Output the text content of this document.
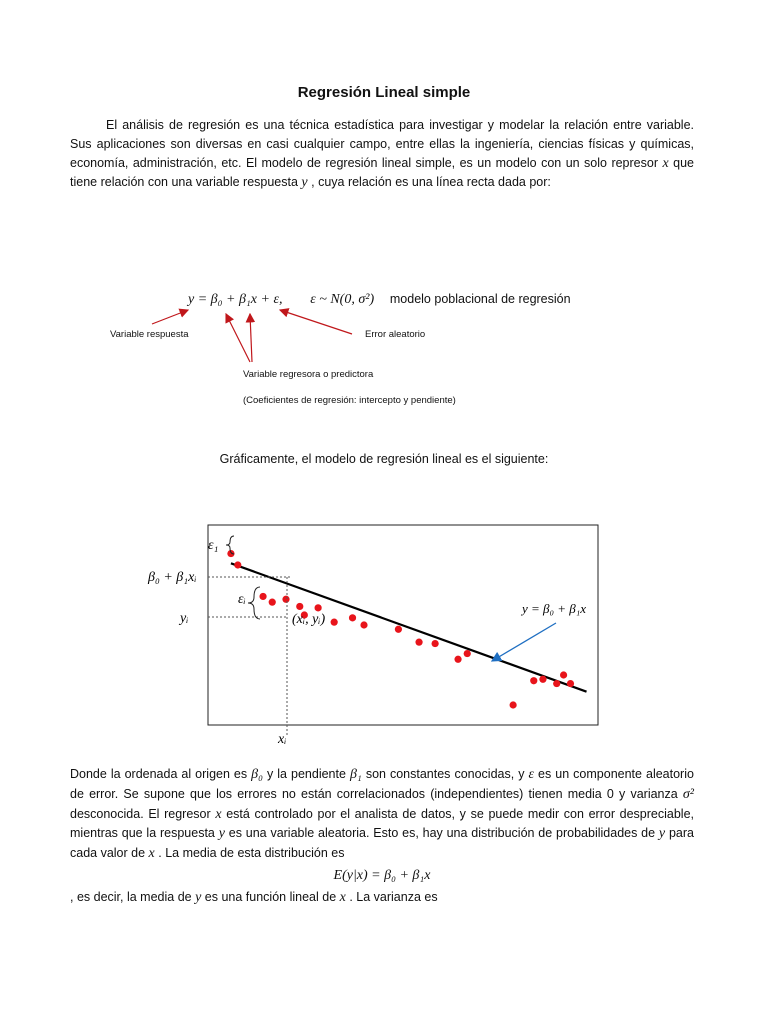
Regresión Lineal simple
El análisis de regresión es una técnica estadística para investigar y modelar la relación entre variable. Sus aplicaciones son diversas en casi cualquier campo, entre ellas la ingeniería, ciencias físicas y químicas, economía, administración, etc. El modelo de regresión lineal simple, es un modelo con un solo represor x que tiene relación con una variable respuesta y , cuya relación es una línea recta dada por:
y = β₀ + β₁x + ε, ε ~ N(0, σ²) modelo poblacional de regresión
Variable respuesta	Error aleatorio
Variable regresora o predictora
(Coeficientes de regresión: intercepto y pendiente)
Gráficamente, el modelo de regresión lineal es el siguiente:
β₀ + β₁xᵢ
yᵢ
xᵢ
(xᵢ, yᵢ)
ε₁
εᵢ
y = β₀ + β₁x
Donde la ordenada al origen es β₀ y la pendiente β₁ son constantes conocidas, y ε es un componente aleatorio de error. Se supone que los errores no están correlacionados (independientes) tienen media 0 y varianza σ² desconocida. El regresor x está controlado por el analista de datos, y se puede medir con error despreciable, mientras que la respuesta y es una variable aleatoria. Esto es, hay una distribución de probabilidades de y para cada valor de x . La media de esta distribución es
E(y|x) = β₀ + β₁x
, es decir, la media de y es una función lineal de x . La varianza es
